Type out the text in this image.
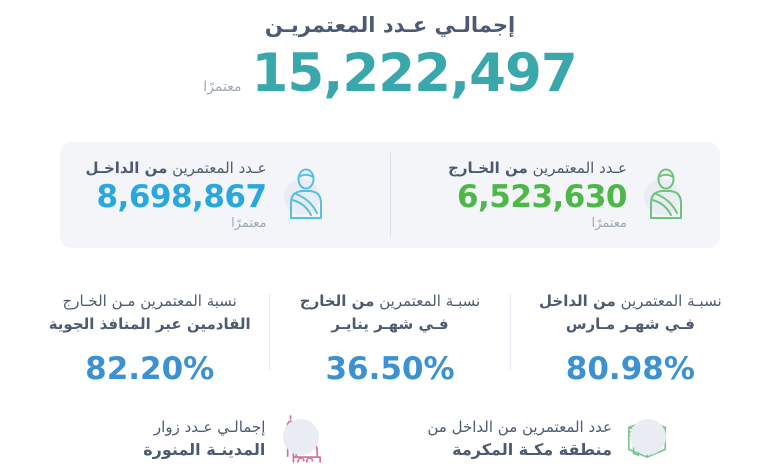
إجمالـي عـدد المعتمريـن
15,222,497
معتمرًا
عـدد المعتمرين من الخـارج
6,523,630
معتمرًا
عـدد المعتمرين من الداخـل
8,698,867
معتمرًا
نسبـة المعتمرين من الداخل
فـي شهـر مـارس
80.98%
نسبـة المعتمرين من الخارج
فـي شهـر ينايـر
36.50%
نسبة المعتمرين مـن الخـارج
القادمين عبر المنافذ الجوية
82.20%
عدد المعتمرين من الداخل من
منطقة مكـة المكرمة
إجمالـي عـدد زوار
المدينـة المنورة
